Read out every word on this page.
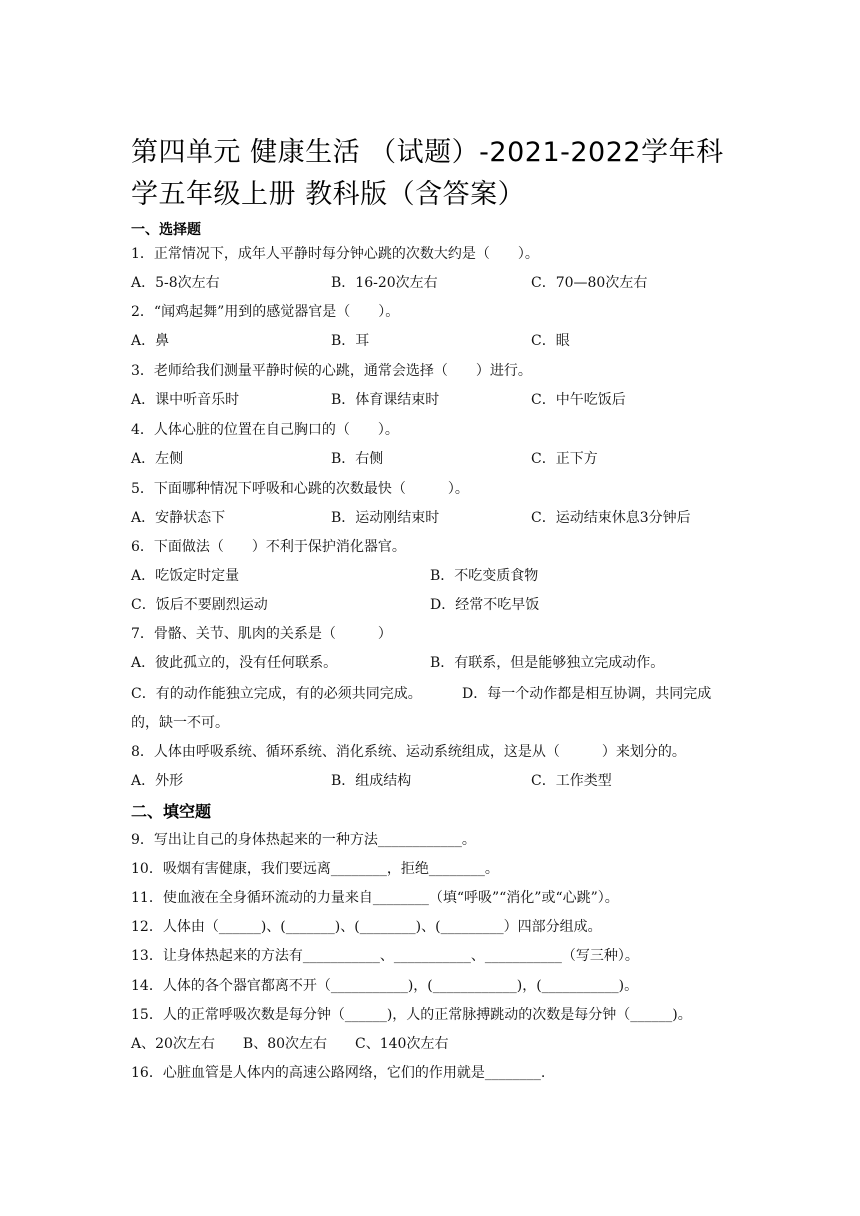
第四单元 健康生活 （试题）-2021-2022学年科学五年级上册 教科版（含答案）
一、选择题
1．正常情况下，成年人平静时每分钟心跳的次数大约是（　　）。
A．5-8次左右	B．16-20次左右	C．70—80次左右
2．“闻鸡起舞”用到的感觉器官是（　　）。
A．鼻	B．耳	C．眼
3．老师给我们测量平静时候的心跳，通常会选择（　　）进行。
A．课中听音乐时	B．体育课结束时	C．中午吃饭后
4．人体心脏的位置在自己胸口的（　　）。
A．左侧	B．右侧	C．正下方
5．下面哪种情况下呼吸和心跳的次数最快（　　　）。
A．安静状态下	B．运动刚结束时	C．运动结束休息3分钟后
6．下面做法（　　）不利于保护消化器官。
A．吃饭定时定量	B．不吃变质食物
C．饭后不要剧烈运动	D．经常不吃早饭
7．骨骼、关节、肌肉的关系是（　　　）
A．彼此孤立的，没有任何联系。	B．有联系，但是能够独立完成动作。
C．有的动作能独立完成，有的必须共同完成。	D．每一个动作都是相互协调，共同完成
的，缺一不可。
8．人体由呼吸系统、循环系统、消化系统、运动系统组成，这是从（　　　）来划分的。
A．外形	B．组成结构	C．工作类型
二、填空题
9．写出让自己的身体热起来的一种方法____________。
10．吸烟有害健康，我们要远离________，拒绝________。
11．使血液在全身循环流动的力量来自________（填“呼吸”“消化”或“心跳”）。
12．人体由（______)、(_______)、(________)、(_________）四部分组成。
13．让身体热起来的方法有___________、___________、___________（写三种）。
14．人体的各个器官都离不开（___________)，(____________)，(___________)。
15．人的正常呼吸次数是每分钟（______)，人的正常脉搏跳动的次数是每分钟（______)。
A、20次左右　　B、80次左右　　C、140次左右
16．心脏血管是人体内的高速公路网络，它们的作用就是________.
